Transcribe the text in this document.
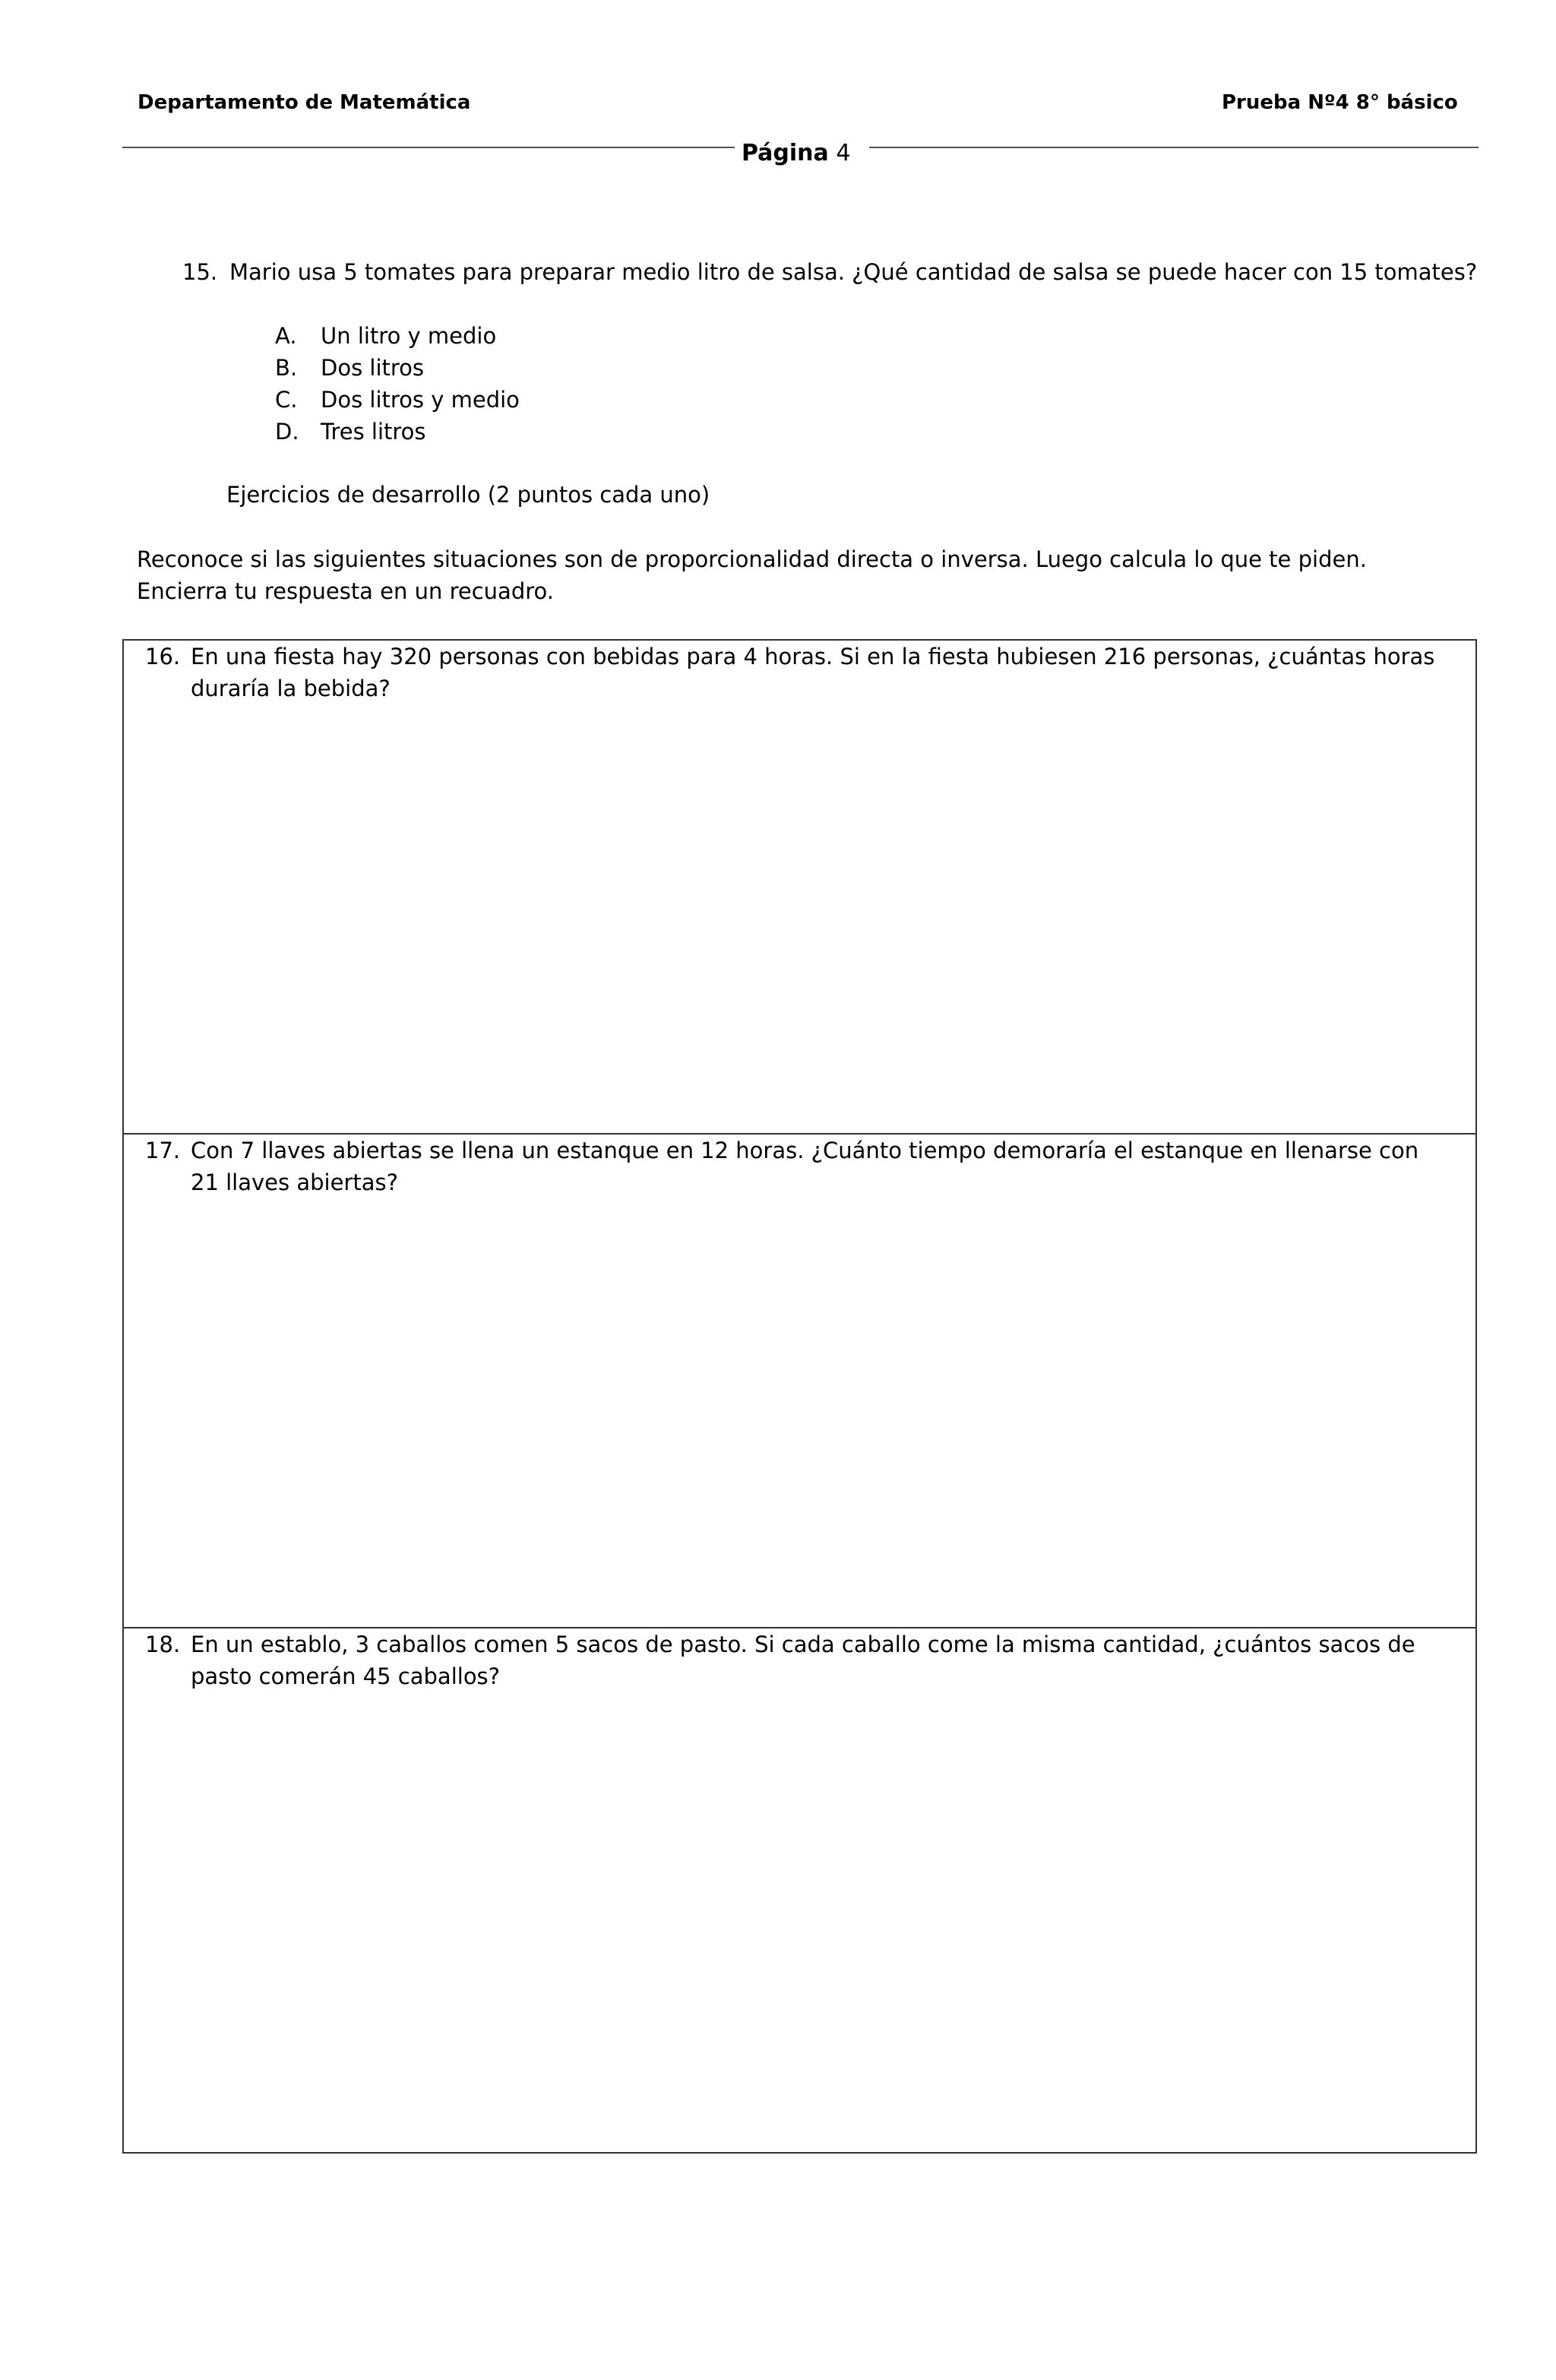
Departamento de Matemática	Prueba Nº4 8° básico
Página 4
15. Mario usa 5 tomates para preparar medio litro de salsa. ¿Qué cantidad de salsa se puede hacer con 15 tomates?
A. Un litro y medio
B. Dos litros
C. Dos litros y medio
D. Tres litros
Ejercicios de desarrollo (2 puntos cada uno)
Reconoce si las siguientes situaciones son de proporcionalidad directa o inversa. Luego calcula lo que te piden. Encierra tu respuesta en un recuadro.
16. En una fiesta hay 320 personas con bebidas para 4 horas. Si en la fiesta hubiesen 216 personas, ¿cuántas horas duraría la bebida?
17. Con 7 llaves abiertas se llena un estanque en 12 horas. ¿Cuánto tiempo demoraría el estanque en llenarse con 21 llaves abiertas?
18. En un establo, 3 caballos comen 5 sacos de pasto. Si cada caballo come la misma cantidad, ¿cuántos sacos de pasto comerán 45 caballos?
